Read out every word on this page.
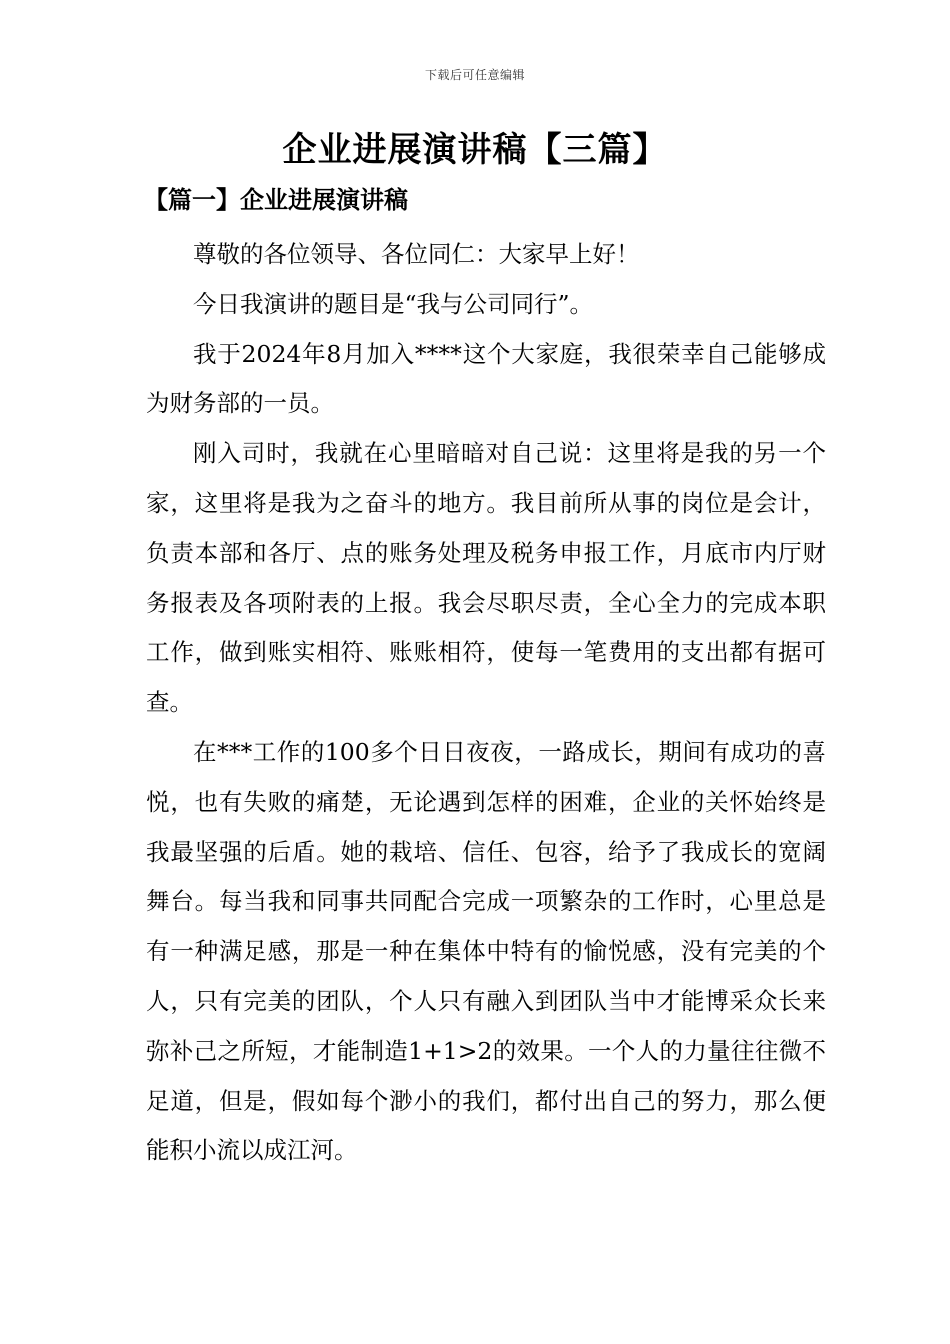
下载后可任意编辑
企业进展演讲稿【三篇】
【篇一】企业进展演讲稿

尊敬的各位领导、各位同仁：大家早上好！

今日我演讲的题目是“我与公司同行”。

我于2024年8月加入****这个大家庭，我很荣幸自己能够成为财务部的一员。

刚入司时，我就在心里暗暗对自己说：这里将是我的另一个家，这里将是我为之奋斗的地方。我目前所从事的岗位是会计，负责本部和各厅、点的账务处理及税务申报工作，月底市内厅财务报表及各项附表的上报。我会尽职尽责，全心全力的完成本职工作，做到账实相符、账账相符，使每一笔费用的支出都有据可查。

在***工作的100多个日日夜夜，一路成长，期间有成功的喜悦，也有失败的痛楚，无论遇到怎样的困难，企业的关怀始终是我最坚强的后盾。她的栽培、信任、包容，给予了我成长的宽阔舞台。每当我和同事共同配合完成一项繁杂的工作时，心里总是有一种满足感，那是一种在集体中特有的愉悦感，没有完美的个人，只有完美的团队，个人只有融入到团队当中才能博采众长来弥补己之所短，才能制造1+1>2的效果。一个人的力量往往微不足道，但是，假如每个渺小的我们，都付出自己的努力，那么便能积小流以成江河。
